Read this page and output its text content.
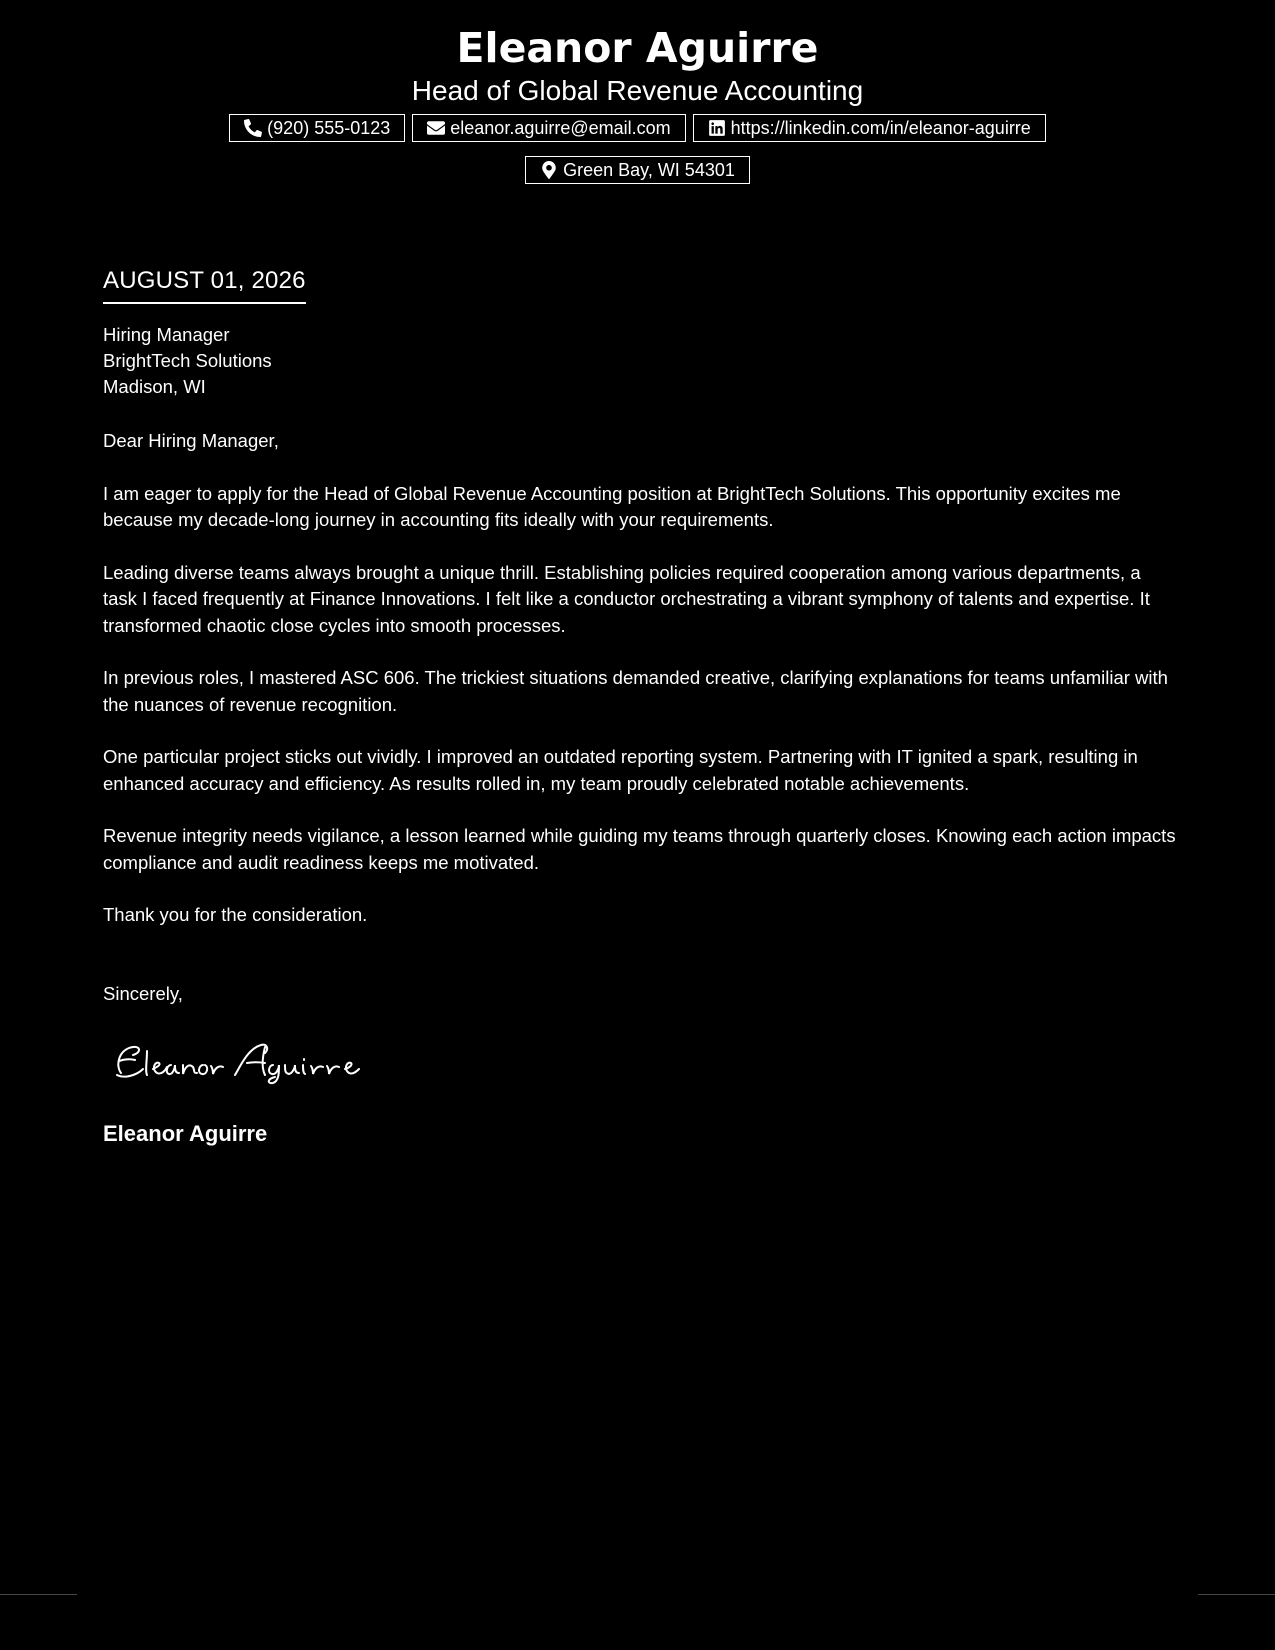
Eleanor Aguirre
Head of Global Revenue Accounting
(920) 555-0123	eleanor.aguirre@email.com	https://linkedin.com/in/eleanor-aguirre
Green Bay, WI 54301
AUGUST 01, 2026
Hiring Manager
BrightTech Solutions
Madison, WI
Dear Hiring Manager,
I am eager to apply for the Head of Global Revenue Accounting position at BrightTech Solutions. This opportunity excites me because my decade-long journey in accounting fits ideally with your requirements.
Leading diverse teams always brought a unique thrill. Establishing policies required cooperation among various departments, a task I faced frequently at Finance Innovations. I felt like a conductor orchestrating a vibrant symphony of talents and expertise. It transformed chaotic close cycles into smooth processes.
In previous roles, I mastered ASC 606. The trickiest situations demanded creative, clarifying explanations for teams unfamiliar with the nuances of revenue recognition.
One particular project sticks out vividly. I improved an outdated reporting system. Partnering with IT ignited a spark, resulting in enhanced accuracy and efficiency. As results rolled in, my team proudly celebrated notable achievements.
Revenue integrity needs vigilance, a lesson learned while guiding my teams through quarterly closes. Knowing each action impacts compliance and audit readiness keeps me motivated.
Thank you for the consideration.
Sincerely,
Eleanor Aguirre
